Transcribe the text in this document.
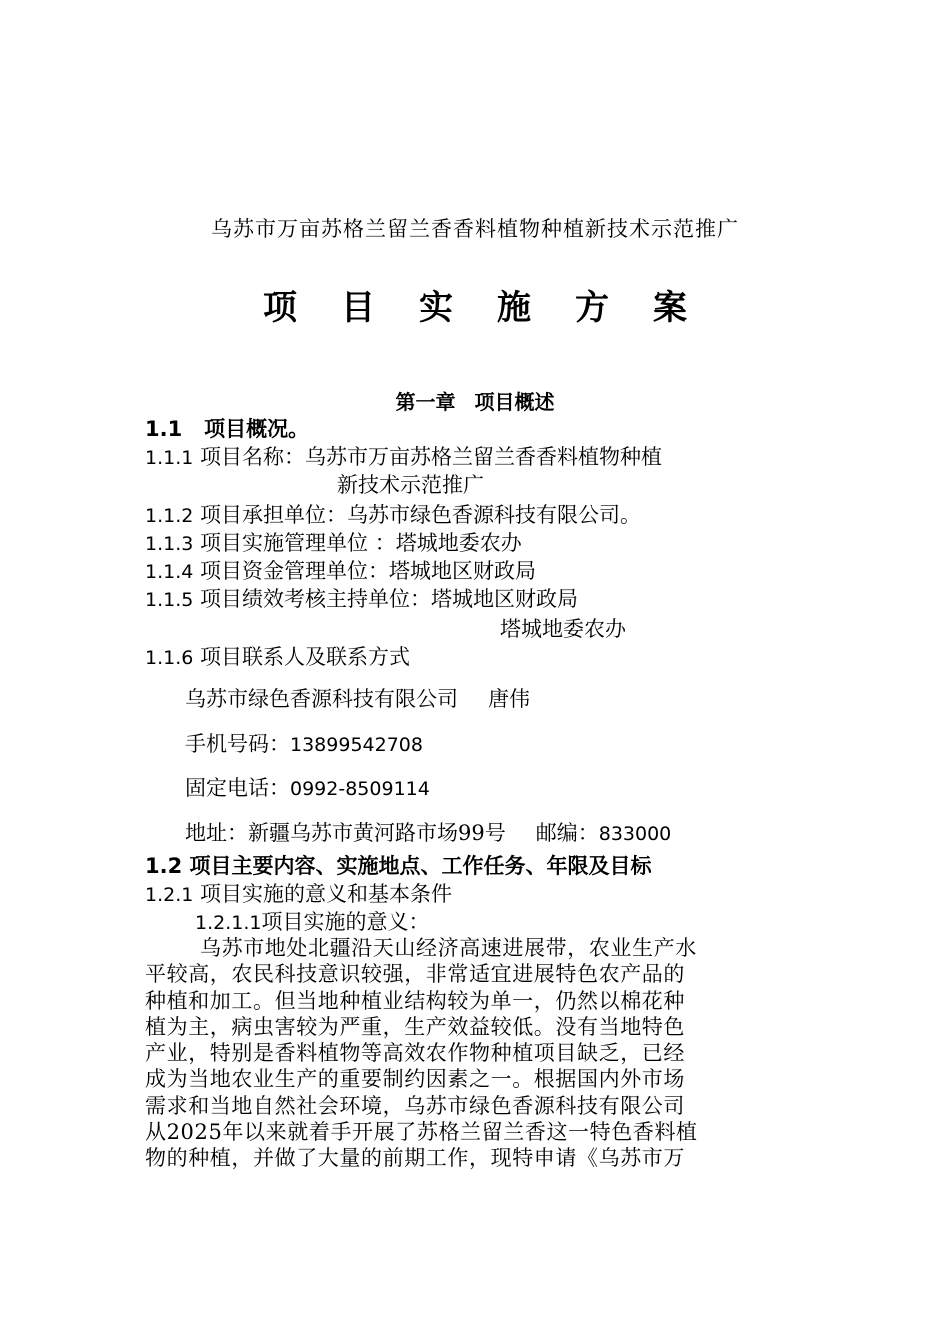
乌苏市万亩苏格兰留兰香香料植物种植新技术示范推广
项目实施方案
第一章 项目概述
1.1 项目概况。
1.1.1 项目名称：乌苏市万亩苏格兰留兰香香料植物种植
新技术示范推广
1.1.2 项目承担单位：乌苏市绿色香源科技有限公司。
1.1.3 项目实施管理单位 ：塔城地委农办
1.1.4 项目资金管理单位：塔城地区财政局
1.1.5 项目绩效考核主持单位：塔城地区财政局
塔城地委农办
1.1.6 项目联系人及联系方式
乌苏市绿色香源科技有限公司 唐伟
手机号码：13899542708
固定电话：0992-8509114
地址：新疆乌苏市黄河路市场99号 邮编：833000
1.2 项目主要内容、实施地点、工作任务、年限及目标
1.2.1 项目实施的意义和基本条件
1.2.1.1项目实施的意义：
乌苏市地处北疆沿天山经济高速进展带，农业生产水
平较高，农民科技意识较强，非常适宜进展特色农产品的
种植和加工。但当地种植业结构较为单一，仍然以棉花种
植为主，病虫害较为严重，生产效益较低。没有当地特色
产业，特别是香料植物等高效农作物种植项目缺乏，已经
成为当地农业生产的重要制约因素之一。根据国内外市场
需求和当地自然社会环境，乌苏市绿色香源科技有限公司
从2025年以来就着手开展了苏格兰留兰香这一特色香料植
物的种植，并做了大量的前期工作，现特申请《乌苏市万
